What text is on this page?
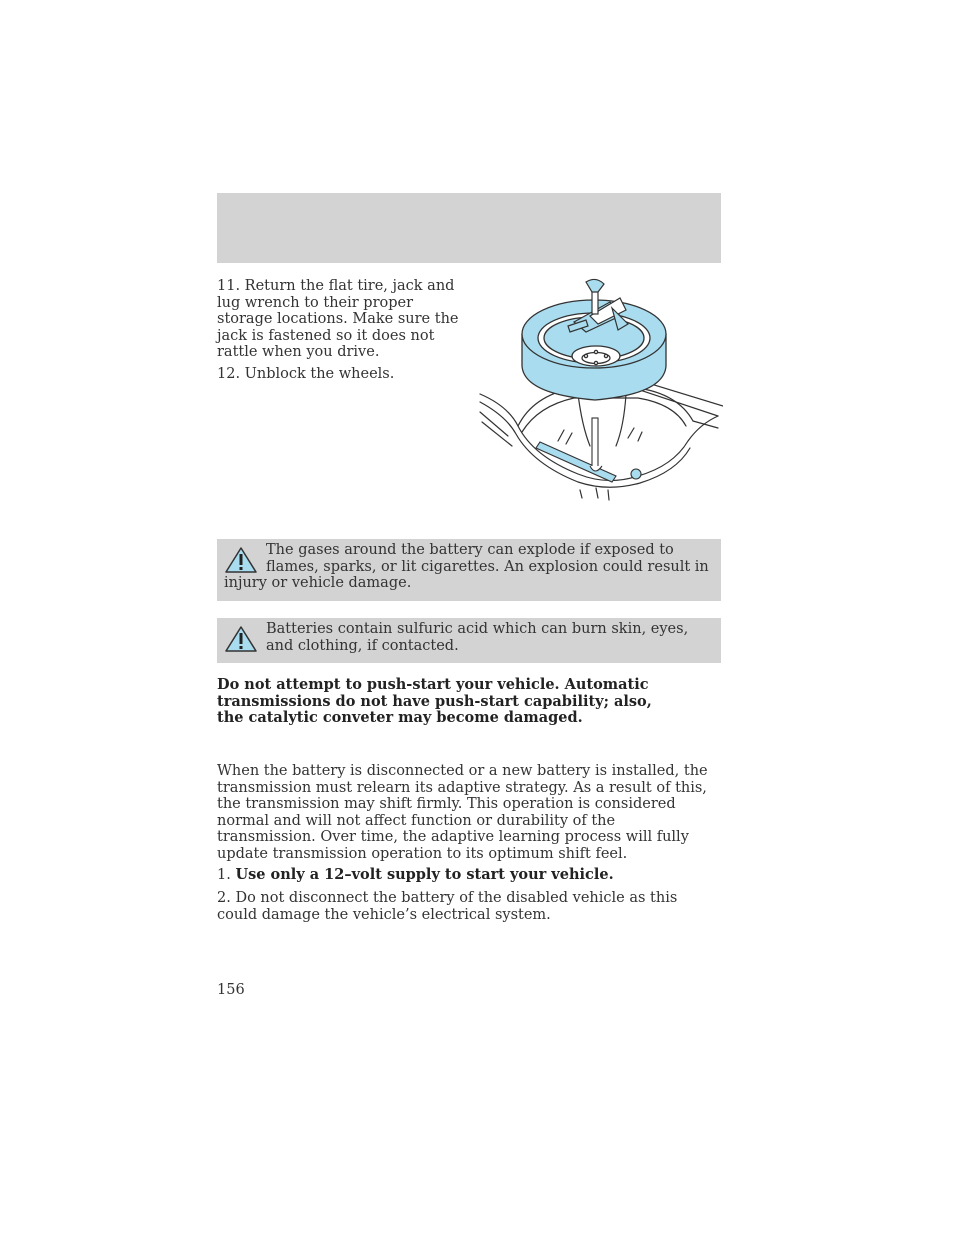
11. Return the flat tire, jack and lug wrench to their proper storage locations. Make sure the jack is fastened so it does not rattle when you drive.

12. Unblock the wheels.

The gases around the battery can explode if exposed to flames, sparks, or lit cigarettes. An explosion could result in injury or vehicle damage.
Batteries contain sulfuric acid which can burn skin, eyes, and clothing, if contacted.

Do not attempt to push-start your vehicle. Automatic transmissions do not have push-start capability; also, the catalytic conveter may become damaged.

When the battery is disconnected or a new battery is installed, the transmission must relearn its adaptive strategy. As a result of this, the transmission may shift firmly. This operation is considered normal and will not affect function or durability of the transmission. Over time, the adaptive learning process will fully update transmission operation to its optimum shift feel.

1. Use only a 12–volt supply to start your vehicle.

2. Do not disconnect the battery of the disabled vehicle as this could damage the vehicle’s electrical system.

156
